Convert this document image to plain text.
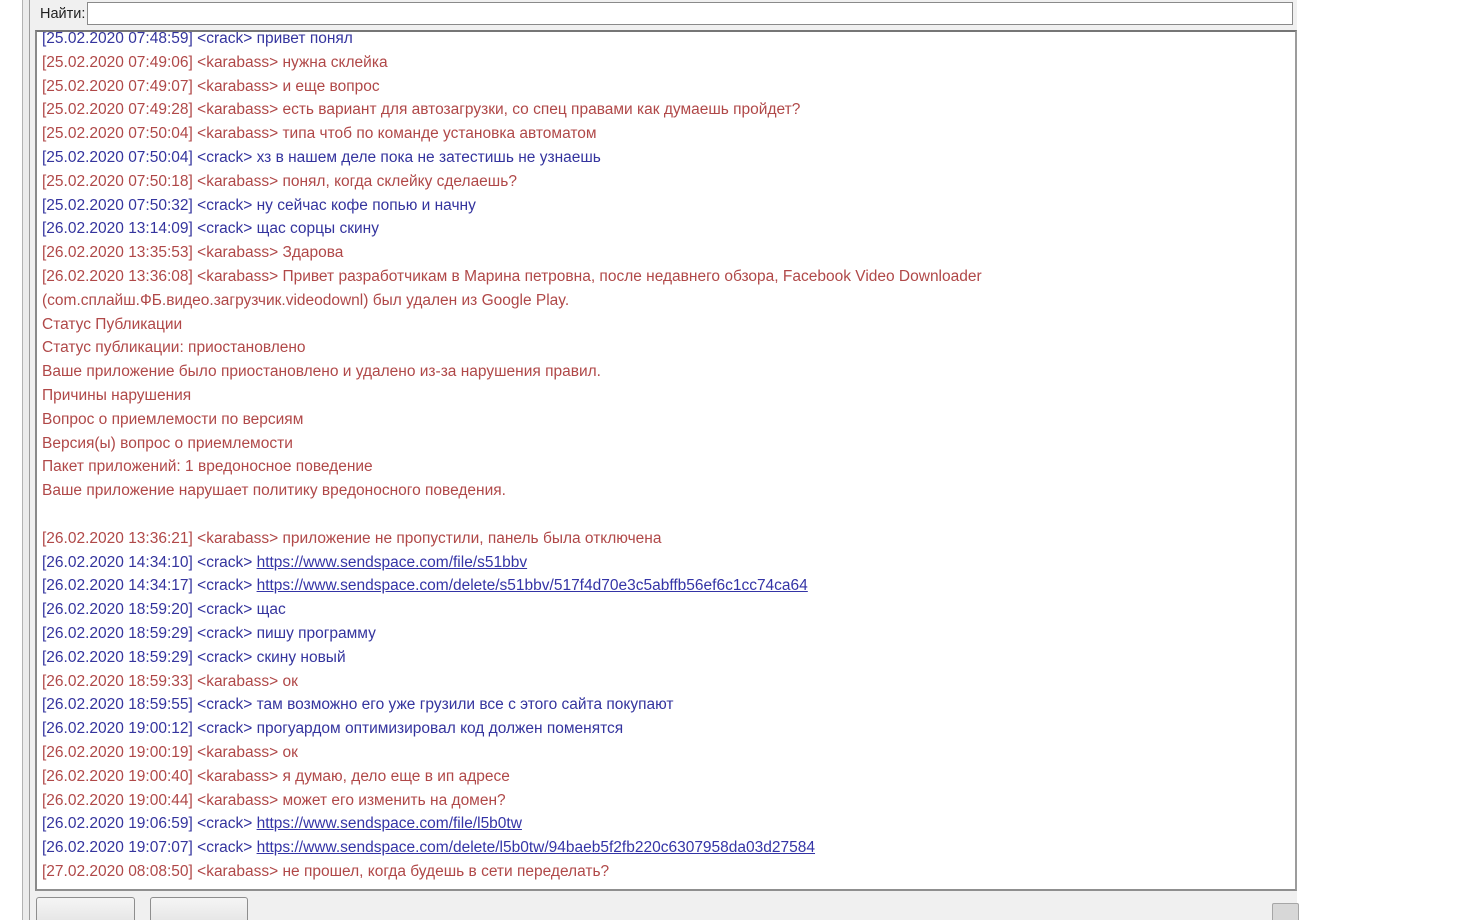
Найти:
[25.02.2020 07:48:59] <crack> привет понял
[25.02.2020 07:49:06] <karabass> нужна склейка
[25.02.2020 07:49:07] <karabass> и еще вопрос
[25.02.2020 07:49:28] <karabass> есть вариант для автозагрузки, со спец правами как думаешь пройдет?
[25.02.2020 07:50:04] <karabass> типа чтоб по команде установка автоматом
[25.02.2020 07:50:04] <crack> хз в нашем деле пока не затестишь не узнаешь
[25.02.2020 07:50:18] <karabass> понял, когда склейку сделаешь?
[25.02.2020 07:50:32] <crack> ну сейчас кофе попью и начну
[26.02.2020 13:14:09] <crack> щас сорцы скину
[26.02.2020 13:35:53] <karabass> Здарова
[26.02.2020 13:36:08] <karabass> Привет разработчикам в Марина петровна, после недавнего обзора, Facebook Video Downloader (com.сплайш.ФБ.видео.загрузчик.videodownl) был удален из Google Play.
Статус Публикации
Статус публикации: приостановлено
Ваше приложение было приостановлено и удалено из-за нарушения правил.
Причины нарушения
Вопрос о приемлемости по версиям
Версия(ы) вопрос о приемлемости
Пакет приложений: 1 вредоносное поведение
Ваше приложение нарушает политику вредоносного поведения.

[26.02.2020 13:36:21] <karabass> приложение не пропустили, панель была отключена
[26.02.2020 14:34:10] <crack> https://www.sendspace.com/file/s51bbv
[26.02.2020 14:34:17] <crack> https://www.sendspace.com/delete/s51bbv/517f4d70e3c5abffb56ef6c1cc74ca64
[26.02.2020 18:59:20] <crack> щас
[26.02.2020 18:59:29] <crack> пишу программу
[26.02.2020 18:59:29] <crack> скину новый
[26.02.2020 18:59:33] <karabass> ок
[26.02.2020 18:59:55] <crack> там возможно его уже грузили все с этого сайта покупают
[26.02.2020 19:00:12] <crack> прогуардом оптимизировал код должен поменятся
[26.02.2020 19:00:19] <karabass> ок
[26.02.2020 19:00:40] <karabass> я думаю, дело еще в ип адресе
[26.02.2020 19:00:44] <karabass> может его изменить на домен?
[26.02.2020 19:06:59] <crack> https://www.sendspace.com/file/l5b0tw
[26.02.2020 19:07:07] <crack> https://www.sendspace.com/delete/l5b0tw/94baeb5f2fb220c6307958da03d27584
[27.02.2020 08:08:50] <karabass> не прошел, когда будешь в сети переделать?
